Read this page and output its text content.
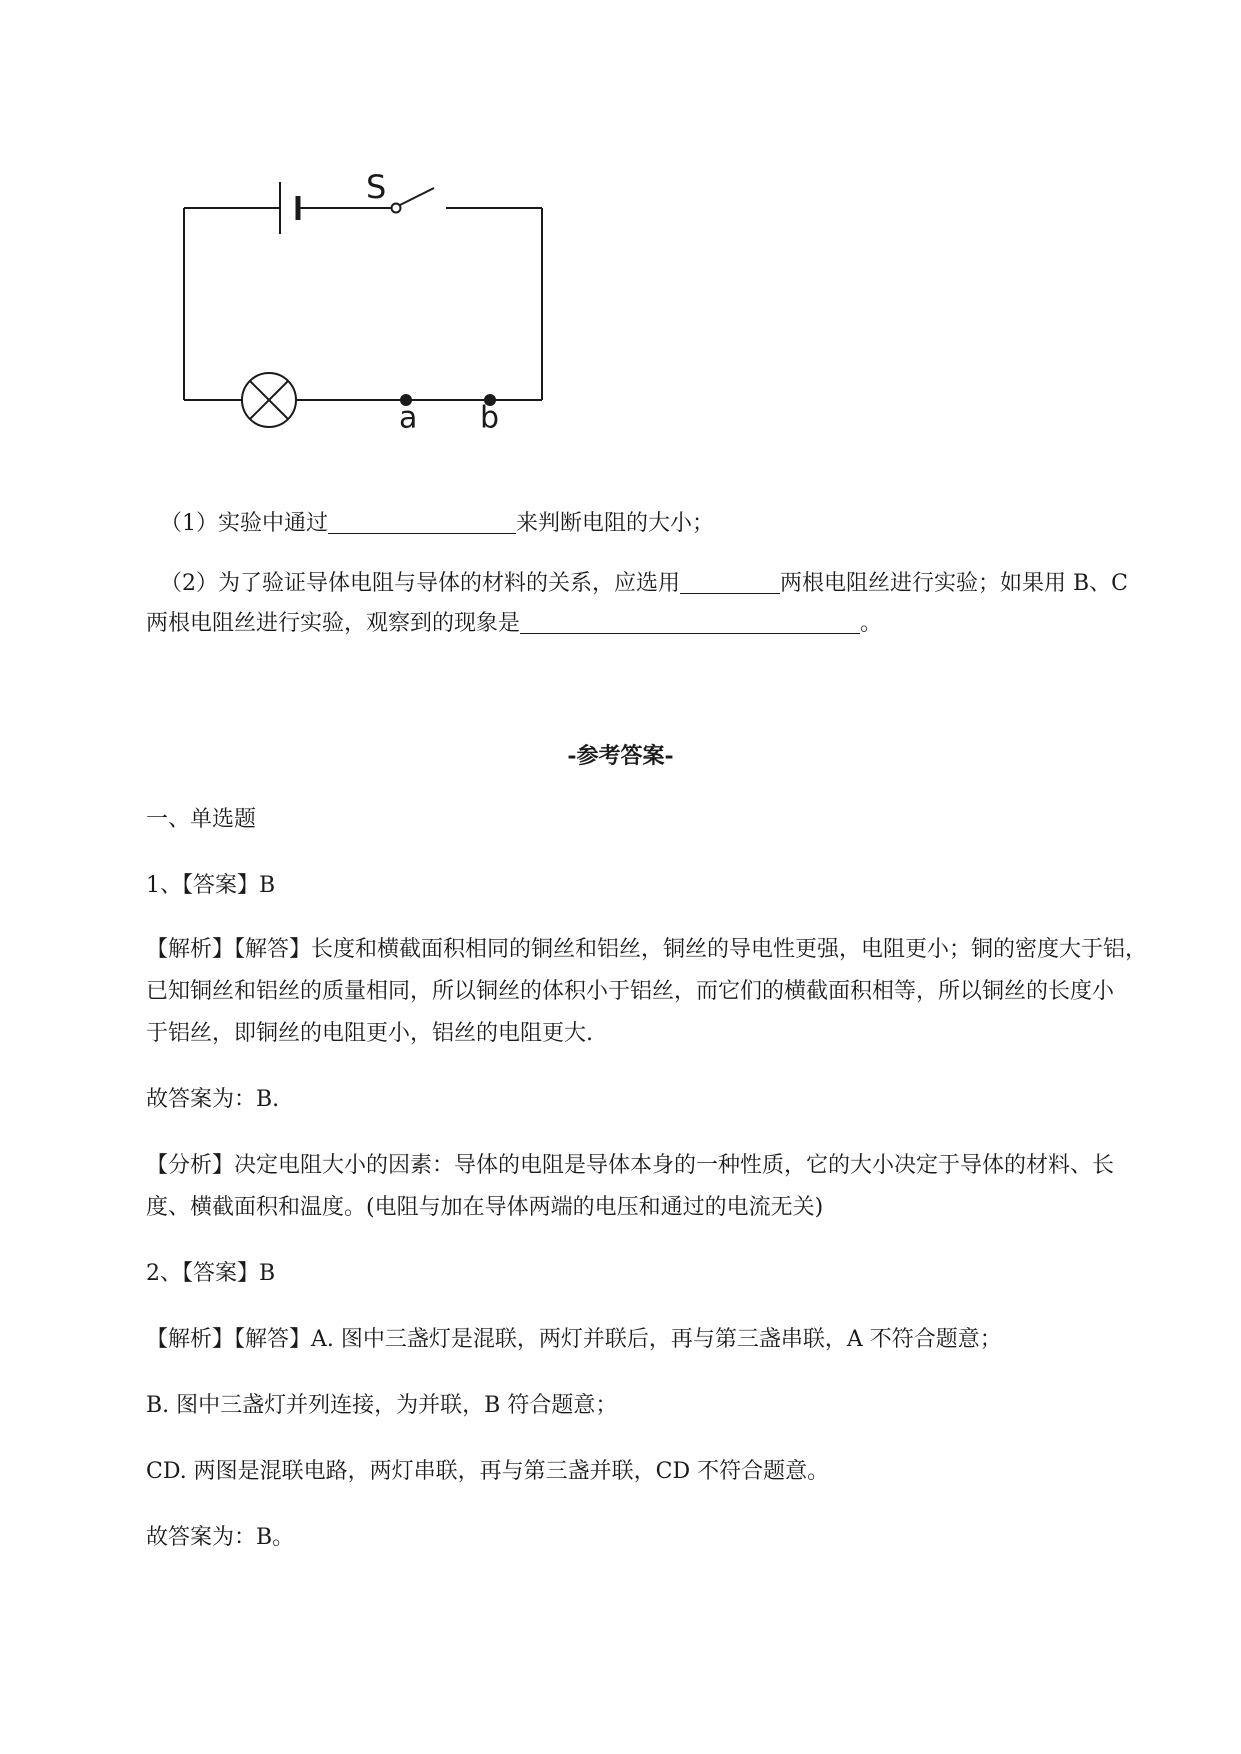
S
a b
（1）实验中通过	来判断电阻的大小；
（2）为了验证导体电阻与导体的材料的关系，应选用	两根电阻丝进行实验；如果用 B、C
两根电阻丝进行实验，观察到的现象是	。
-参考答案-
一、单选题
1、【答案】B
【解析】【解答】长度和横截面积相同的铜丝和铝丝，铜丝的导电性更强，电阻更小；铜的密度大于铝，
已知铜丝和铝丝的质量相同，所以铜丝的体积小于铝丝，而它们的横截面积相等，所以铜丝的长度小
于铝丝，即铜丝的电阻更小，铝丝的电阻更大.
故答案为：B.
【分析】决定电阻大小的因素：导体的电阻是导体本身的一种性质，它的大小决定于导体的材料、长
度、横截面积和温度。(电阻与加在导体两端的电压和通过的电流无关)
2、【答案】B
【解析】【解答】A. 图中三盏灯是混联，两灯并联后，再与第三盏串联，A 不符合题意；
B. 图中三盏灯并列连接，为并联，B 符合题意；
CD. 两图是混联电路，两灯串联，再与第三盏并联，CD 不符合题意。
故答案为：B。
